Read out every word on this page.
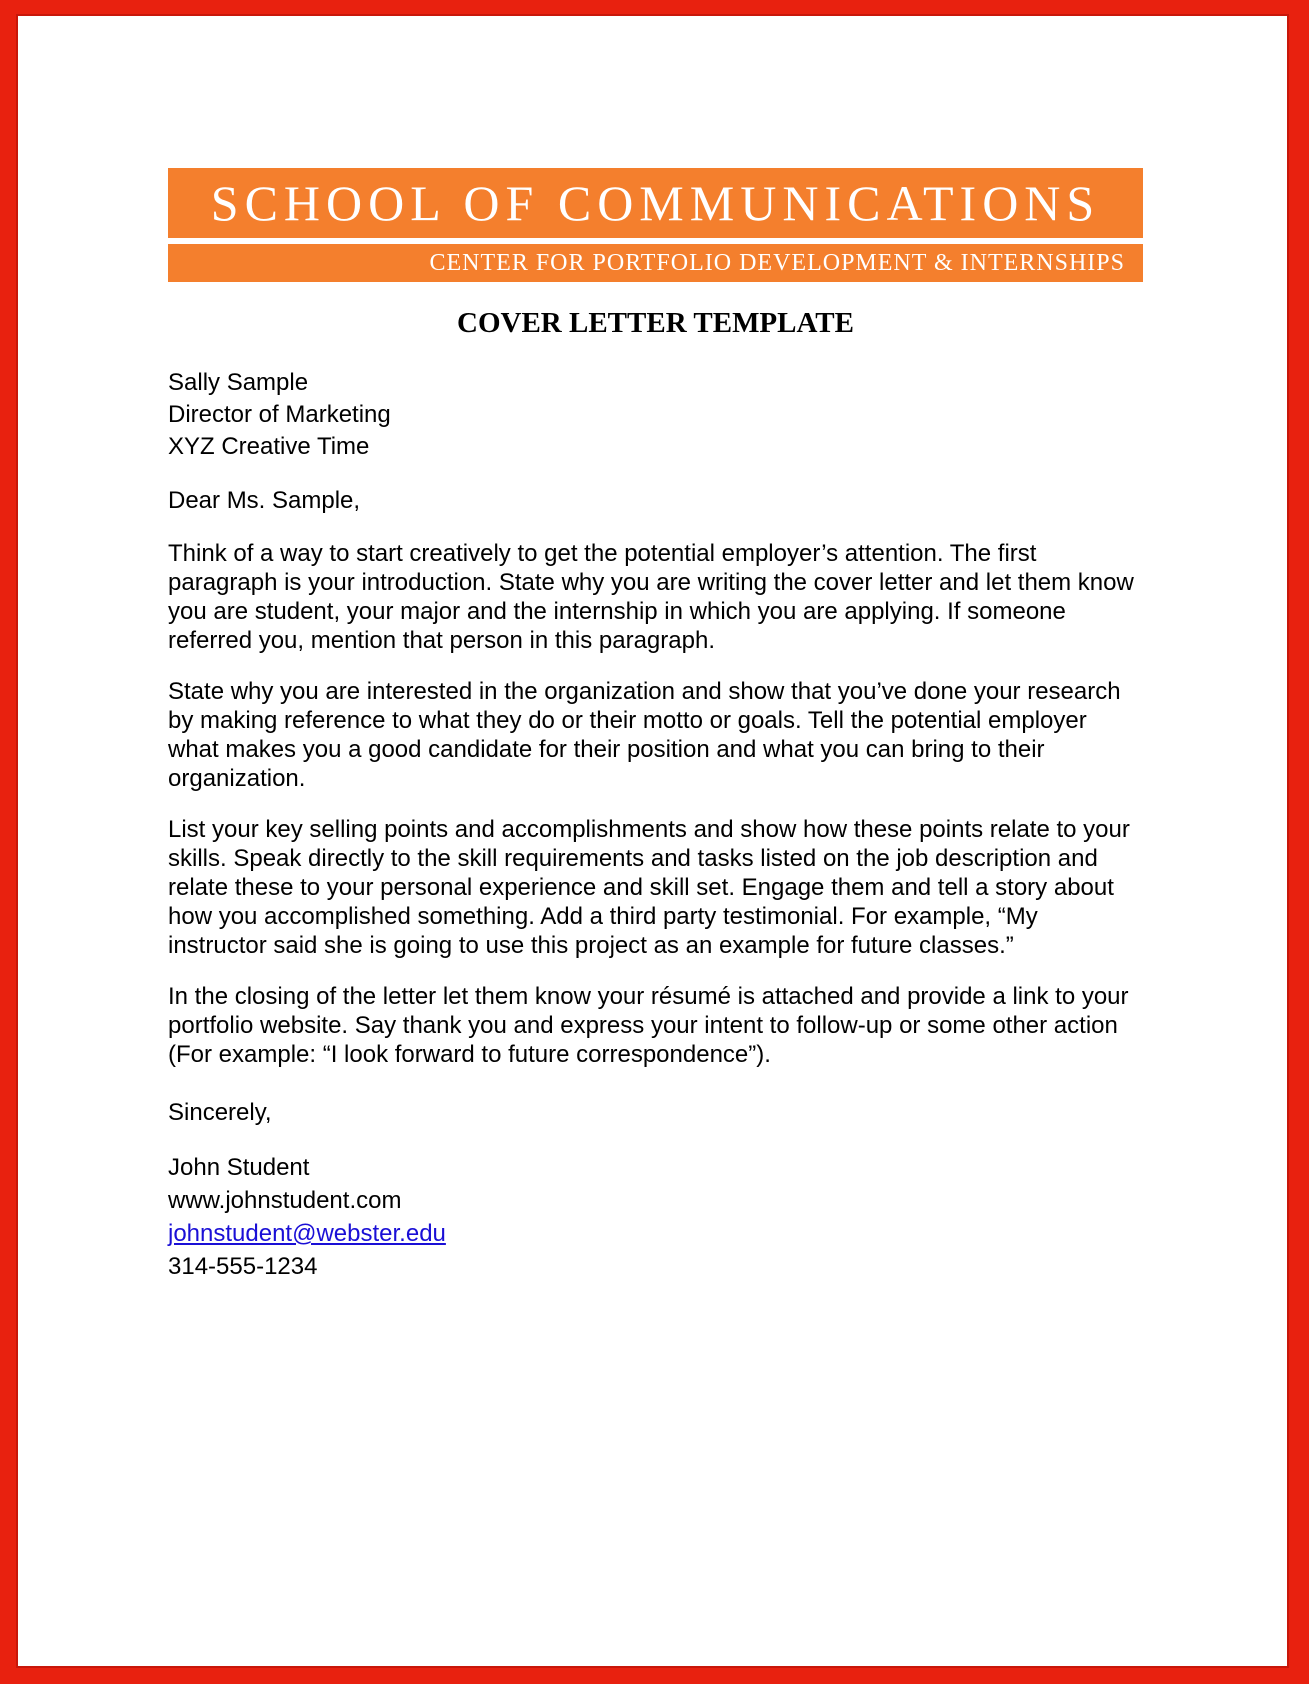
SCHOOL OF COMMUNICATIONS
CENTER FOR PORTFOLIO DEVELOPMENT & INTERNSHIPS
COVER LETTER TEMPLATE
Sally Sample
Director of Marketing
XYZ Creative Time
Dear Ms. Sample,

Think of a way to start creatively to get the potential employer’s attention. The first paragraph is your introduction. State why you are writing the cover letter and let them know you are student, your major and the internship in which you are applying. If someone referred you, mention that person in this paragraph.

State why you are interested in the organization and show that you’ve done your research by making reference to what they do or their motto or goals. Tell the potential employer what makes you a good candidate for their position and what you can bring to their organization.

List your key selling points and accomplishments and show how these points relate to your skills. Speak directly to the skill requirements and tasks listed on the job description and relate these to your personal experience and skill set. Engage them and tell a story about how you accomplished something. Add a third party testimonial. For example, “My instructor said she is going to use this project as an example for future classes.”

In the closing of the letter let them know your résumé is attached and provide a link to your portfolio website. Say thank you and express your intent to follow-up or some other action (For example: “I look forward to future correspondence”).

Sincerely,
John Student
www.johnstudent.com
johnstudent@webster.edu
314-555-1234
